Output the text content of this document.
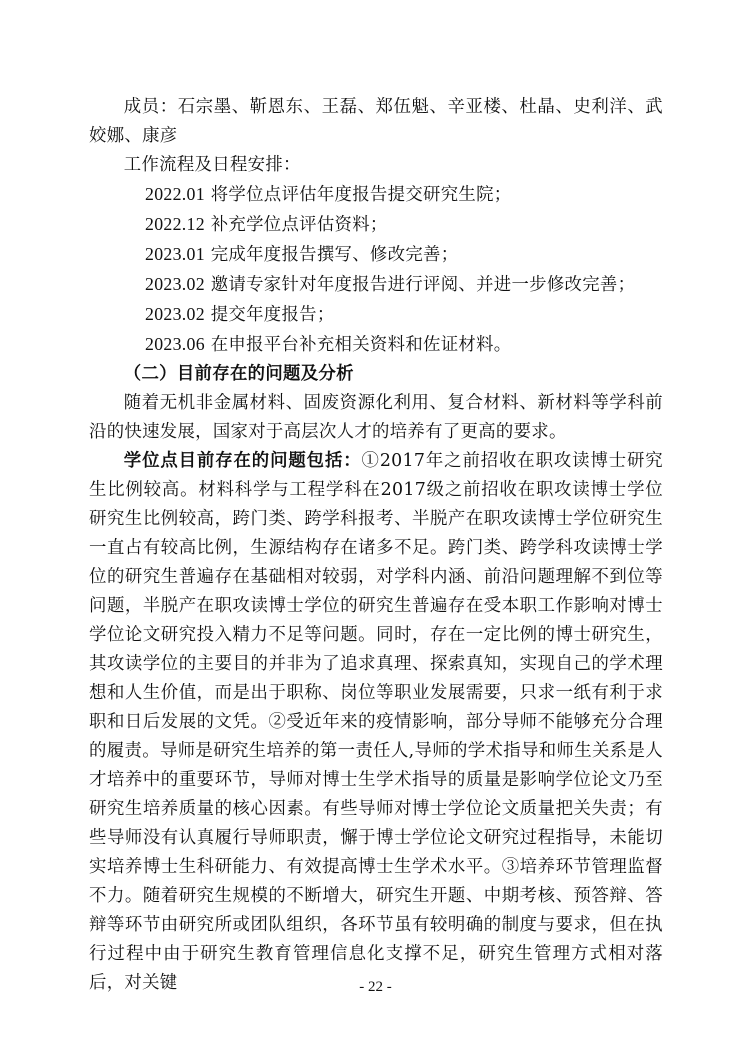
成员：石宗墨、靳恩东、王磊、郑伍魁、辛亚楼、杜晶、史利洋、武姣娜、康彦

工作流程及日程安排：

2022.01 将学位点评估年度报告提交研究生院；
2022.12 补充学位点评估资料；
2023.01 完成年度报告撰写、修改完善；
2023.02 邀请专家针对年度报告进行评阅、并进一步修改完善；
2023.02 提交年度报告；
2023.06 在申报平台补充相关资料和佐证材料。

（二）目前存在的问题及分析

随着无机非金属材料、固废资源化利用、复合材料、新材料等学科前沿的快速发展，国家对于高层次人才的培养有了更高的要求。

学位点目前存在的问题包括：①2017年之前招收在职攻读博士研究生比例较高。材料科学与工程学科在2017级之前招收在职攻读博士学位研究生比例较高，跨门类、跨学科报考、半脱产在职攻读博士学位研究生一直占有较高比例，生源结构存在诸多不足。跨门类、跨学科攻读博士学位的研究生普遍存在基础相对较弱，对学科内涵、前沿问题理解不到位等问题，半脱产在职攻读博士学位的研究生普遍存在受本职工作影响对博士学位论文研究投入精力不足等问题。同时，存在一定比例的博士研究生，其攻读学位的主要目的并非为了追求真理、探索真知，实现自己的学术理想和人生价值，而是出于职称、岗位等职业发展需要，只求一纸有利于求职和日后发展的文凭。②受近年来的疫情影响，部分导师不能够充分合理的履责。导师是研究生培养的第一责任人,导师的学术指导和师生关系是人才培养中的重要环节，导师对博士生学术指导的质量是影响学位论文乃至研究生培养质量的核心因素。有些导师对博士学位论文质量把关失责；有些导师没有认真履行导师职责，懈于博士学位论文研究过程指导，未能切实培养博士生科研能力、有效提高博士生学术水平。③培养环节管理监督不力。随着研究生规模的不断增大，研究生开题、中期考核、预答辩、答辩等环节由研究所或团队组织，各环节虽有较明确的制度与要求，但在执行过程中由于研究生教育管理信息化支撑不足，研究生管理方式相对落后，对关键	- 22 -
